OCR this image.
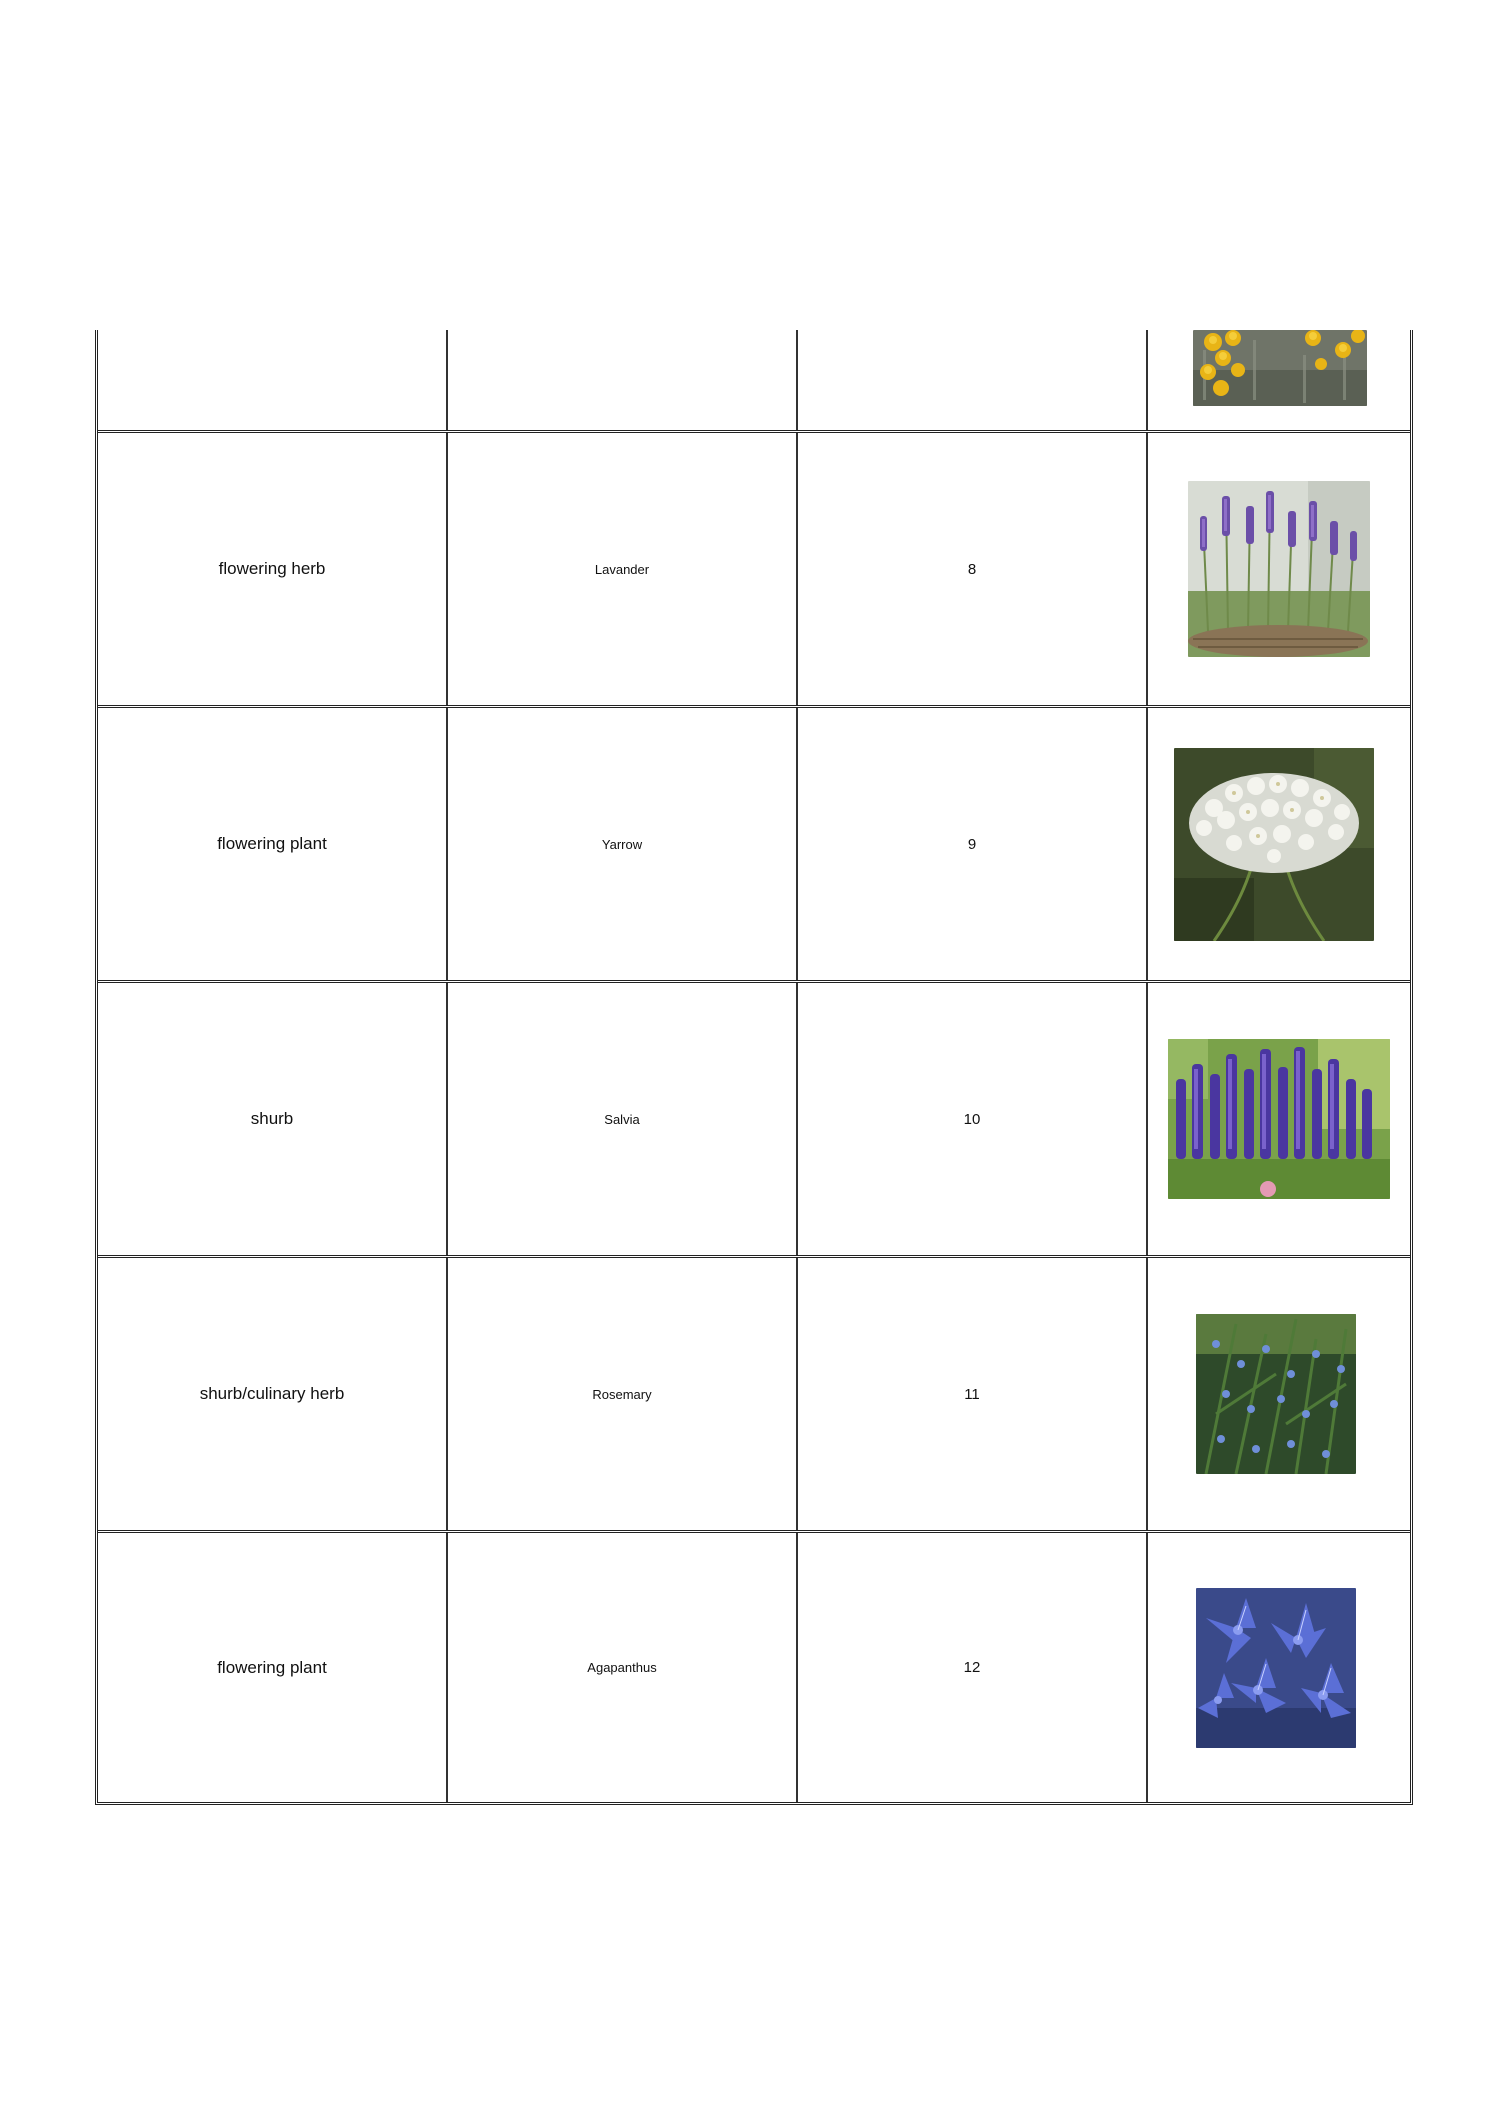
flowering herb	Lavander	8
flowering plant	Yarrow	9
shurb	Salvia	10
shurb/culinary herb	Rosemary	11
flowering plant	Agapanthus	12
